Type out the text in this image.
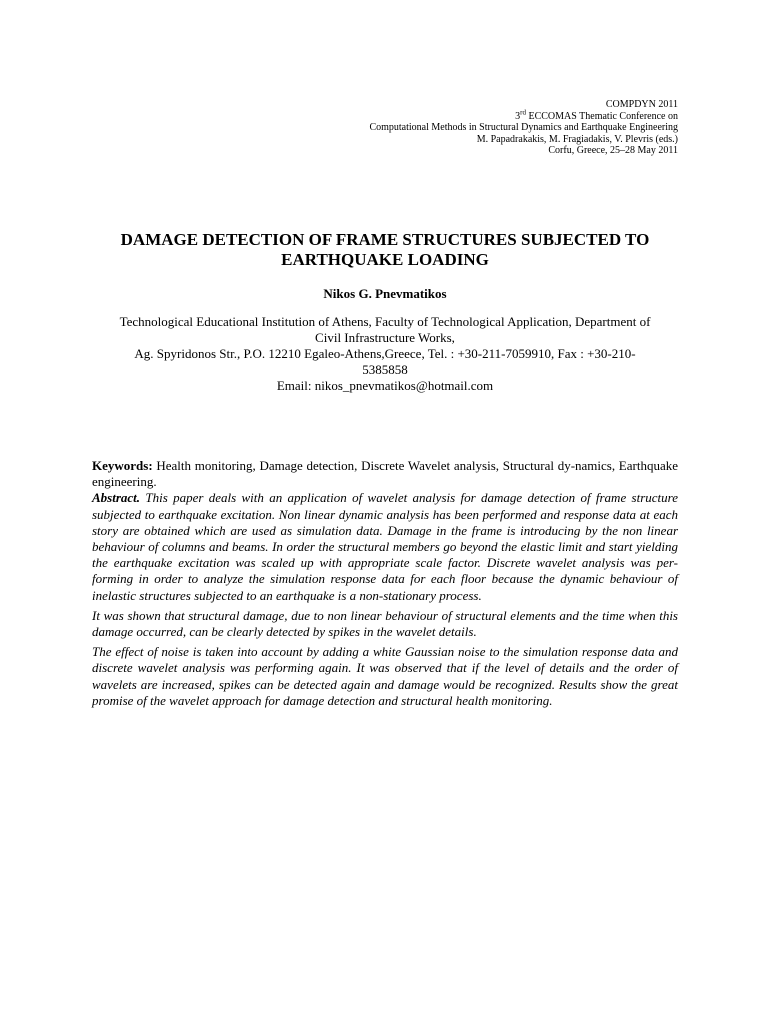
COMPDYN 2011
3rd ECCOMAS Thematic Conference on
Computational Methods in Structural Dynamics and Earthquake Engineering
M. Papadrakakis, M. Fragiadakis, V. Plevris (eds.)
Corfu, Greece, 25–28 May 2011
DAMAGE DETECTION OF FRAME STRUCTURES SUBJECTED TO
EARTHQUAKE LOADING
Nikos G. Pnevmatikos
Technological Educational Institution of Athens, Faculty of Technological Application, Department of
Civil Infrastructure Works,
Ag. Spyridonos Str., P.O. 12210 Egaleo-Athens,Greece, Tel. : +30-211-7059910, Fax : +30-210-
5385858
Email: nikos_pnevmatikos@hotmail.com

Keywords: Health monitoring, Damage detection, Discrete Wavelet analysis, Structural dy-namics, Earthquake engineering.

Abstract. This paper deals with an application of wavelet analysis for damage detection of frame structure subjected to earthquake excitation. Non linear dynamic analysis has been performed and response data at each story are obtained which are used as simulation data. Damage in the frame is introducing by the non linear behaviour of columns and beams. In order the structural members go beyond the elastic limit and start yielding the earthquake excitation was scaled up with appropriate scale factor. Discrete wavelet analysis was per-forming in order to analyze the simulation response data for each floor because the dynamic behaviour of inelastic structures subjected to an earthquake is a non-stationary process.

It was shown that structural damage, due to non linear behaviour of structural elements and the time when this damage occurred, can be clearly detected by spikes in the wavelet details.

The effect of noise is taken into account by adding a white Gaussian noise to the simulation response data and discrete wavelet analysis was performing again. It was observed that if the level of details and the order of wavelets are increased, spikes can be detected again and damage would be recognized. Results show the great promise of the wavelet approach for damage detection and structural health monitoring.
